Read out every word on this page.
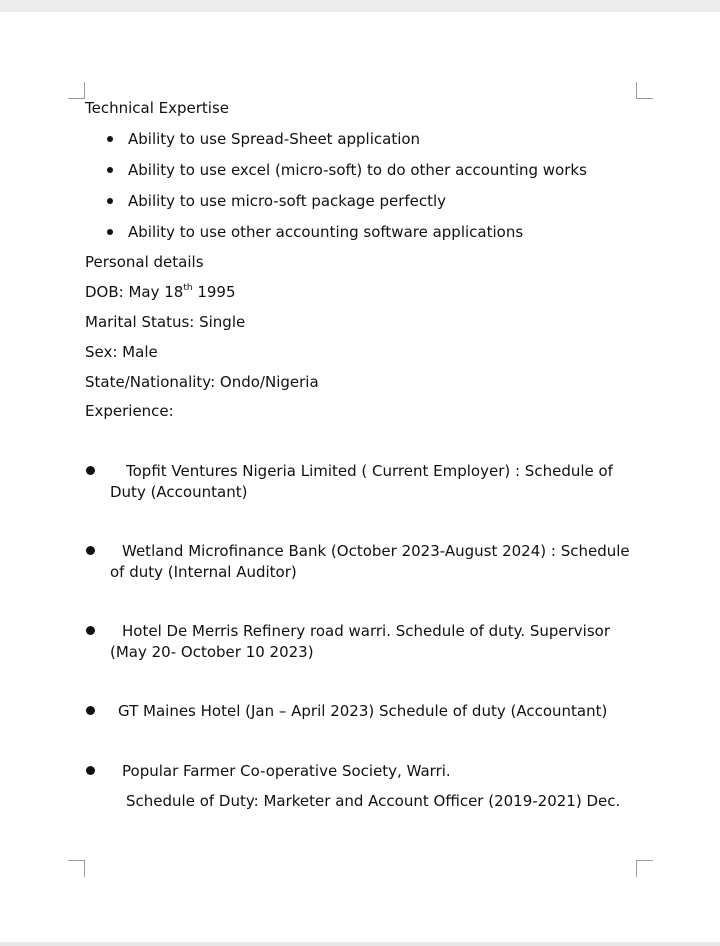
Technical Expertise
Ability to use Spread-Sheet application
Ability to use excel (micro-soft) to do other accounting works
Ability to use micro-soft package perfectly
Ability to use other accounting software applications
Personal details
DOB: May 18th 1995
Marital Status: Single
Sex: Male
State/Nationality: Ondo/Nigeria
Experience:
Topfit Ventures Nigeria Limited ( Current Employer) : Schedule of
Duty (Accountant)
Wetland Microfinance Bank (October 2023-August 2024) : Schedule
of duty (Internal Auditor)
Hotel De Merris Refinery road warri. Schedule of duty. Supervisor
(May 20- October 10 2023)
GT Maines Hotel (Jan – April 2023) Schedule of duty (Accountant)
Popular Farmer Co-operative Society, Warri.
Schedule of Duty: Marketer and Account Officer (2019-2021) Dec.
